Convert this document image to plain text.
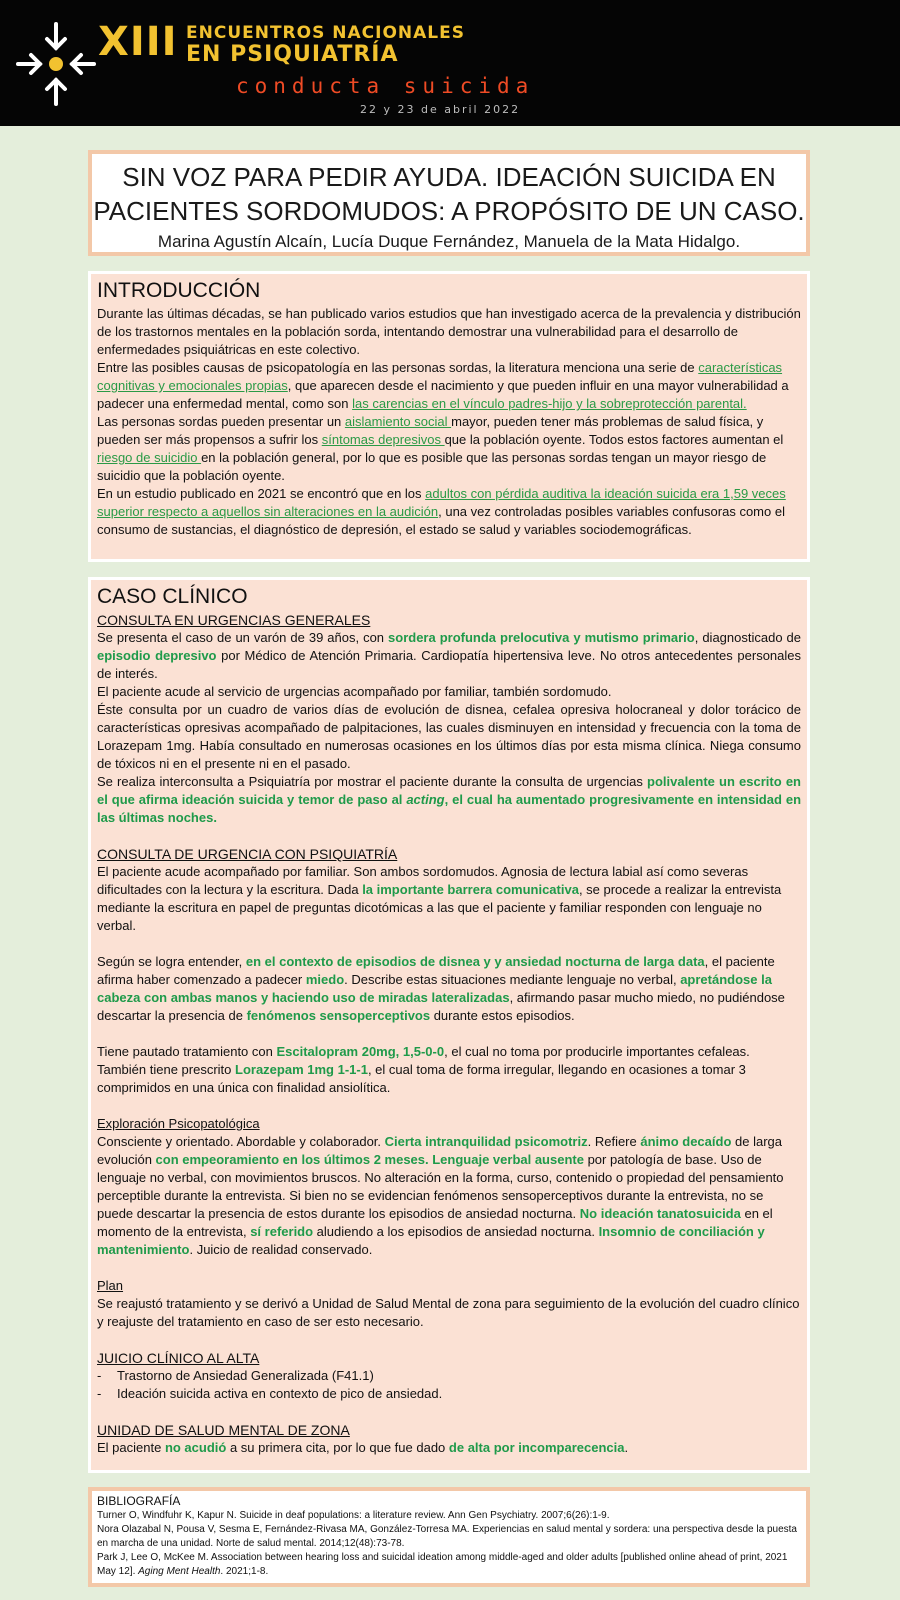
XIII ENCUENTROS NACIONALES
EN PSIQUIATRÍA
conducta suicida
22 y 23 de abril 2022
SIN VOZ PARA PEDIR AYUDA. IDEACIÓN SUICIDA EN
PACIENTES SORDOMUDOS: A PROPÓSITO DE UN CASO.
Marina Agustín Alcaín, Lucía Duque Fernández, Manuela de la Mata Hidalgo.
INTRODUCCIÓN

Durante las últimas décadas, se han publicado varios estudios que han investigado acerca de la prevalencia y distribución de los trastornos mentales en la población sorda, intentando demostrar una vulnerabilidad para el desarrollo de enfermedades psiquiátricas en este colectivo.

Entre las posibles causas de psicopatología en las personas sordas, la literatura menciona una serie de características cognitivas y emocionales propias, que aparecen desde el nacimiento y que pueden influir en una mayor vulnerabilidad a padecer una enfermedad mental, como son las carencias en el vínculo padres-hijo y la sobreprotección parental.

Las personas sordas pueden presentar un aislamiento social mayor, pueden tener más problemas de salud física, y pueden ser más propensos a sufrir los síntomas depresivos que la población oyente. Todos estos factores aumentan el riesgo de suicidio en la población general, por lo que es posible que las personas sordas tengan un mayor riesgo de suicidio que la población oyente.

En un estudio publicado en 2021 se encontró que en los adultos con pérdida auditiva la ideación suicida era 1,59 veces superior respecto a aquellos sin alteraciones en la audición, una vez controladas posibles variables confusoras como el consumo de sustancias, el diagnóstico de depresión, el estado se salud y variables sociodemográficas.

CASO CLÍNICO
CONSULTA EN URGENCIAS GENERALES

Se presenta el caso de un varón de 39 años, con sordera profunda prelocutiva y mutismo primario, diagnosticado de episodio depresivo por Médico de Atención Primaria. Cardiopatía hipertensiva leve. No otros antecedentes personales de interés.

El paciente acude al servicio de urgencias acompañado por familiar, también sordomudo.

Éste consulta por un cuadro de varios días de evolución de disnea, cefalea opresiva holocraneal y dolor torácico de características opresivas acompañado de palpitaciones, las cuales disminuyen en intensidad y frecuencia con la toma de Lorazepam 1mg. Había consultado en numerosas ocasiones en los últimos días por esta misma clínica. Niega consumo de tóxicos ni en el presente ni en el pasado.

Se realiza interconsulta a Psiquiatría por mostrar el paciente durante la consulta de urgencias polivalente un escrito en el que afirma ideación suicida y temor de paso al acting, el cual ha aumentado progresivamente en intensidad en las últimas noches.

CONSULTA DE URGENCIA CON PSIQUIATRÍA

El paciente acude acompañado por familiar. Son ambos sordomudos. Agnosia de lectura labial así como severas dificultades con la lectura y la escritura. Dada la importante barrera comunicativa, se procede a realizar la entrevista mediante la escritura en papel de preguntas dicotómicas a las que el paciente y familiar responden con lenguaje no verbal.

Según se logra entender, en el contexto de episodios de disnea y y ansiedad nocturna de larga data, el paciente afirma haber comenzado a padecer miedo. Describe estas situaciones mediante lenguaje no verbal, apretándose la cabeza con ambas manos y haciendo uso de miradas lateralizadas, afirmando pasar mucho miedo, no pudiéndose descartar la presencia de fenómenos sensoperceptivos durante estos episodios.

Tiene pautado tratamiento con Escitalopram 20mg, 1,5-0-0, el cual no toma por producirle importantes cefaleas. También tiene prescrito Lorazepam 1mg 1-1-1, el cual toma de forma irregular, llegando en ocasiones a tomar 3 comprimidos en una única con finalidad ansiolítica.

Exploración Psicopatológica

Consciente y orientado. Abordable y colaborador. Cierta intranquilidad psicomotriz. Refiere ánimo decaído de larga evolución con empeoramiento en los últimos 2 meses. Lenguaje verbal ausente por patología de base. Uso de lenguaje no verbal, con movimientos bruscos. No alteración en la forma, curso, contenido o propiedad del pensamiento perceptible durante la entrevista. Si bien no se evidencian fenómenos sensoperceptivos durante la entrevista, no se puede descartar la presencia de estos durante los episodios de ansiedad nocturna. No ideación tanatosuicida en el momento de la entrevista, sí referido aludiendo a los episodios de ansiedad nocturna. Insomnio de conciliación y mantenimiento. Juicio de realidad conservado.

Plan

Se reajustó tratamiento y se derivó a Unidad de Salud Mental de zona para seguimiento de la evolución del cuadro clínico y reajuste del tratamiento en caso de ser esto necesario.

JUICIO CLÍNICO AL ALTA
-	Trastorno de Ansiedad Generalizada (F41.1)
-	Ideación suicida activa en contexto de pico de ansiedad.
UNIDAD DE SALUD MENTAL DE ZONA

El paciente no acudió a su primera cita, por lo que fue dado de alta por incomparecencia.

BIBLIOGRAFÍA

Turner O, Windfuhr K, Kapur N. Suicide in deaf populations: a literature review. Ann Gen Psychiatry. 2007;6(26):1-9.

Nora Olazabal N, Pousa V, Sesma E, Fernández-Rivasa MA, González-Torresa MA. Experiencias en salud mental y sordera: una perspectiva desde la puesta en marcha de una unidad. Norte de salud mental. 2014;12(48):73-78.

Park J, Lee O, McKee M. Association between hearing loss and suicidal ideation among middle-aged and older adults [published online ahead of print, 2021 May 12]. Aging Ment Health. 2021;1-8.
